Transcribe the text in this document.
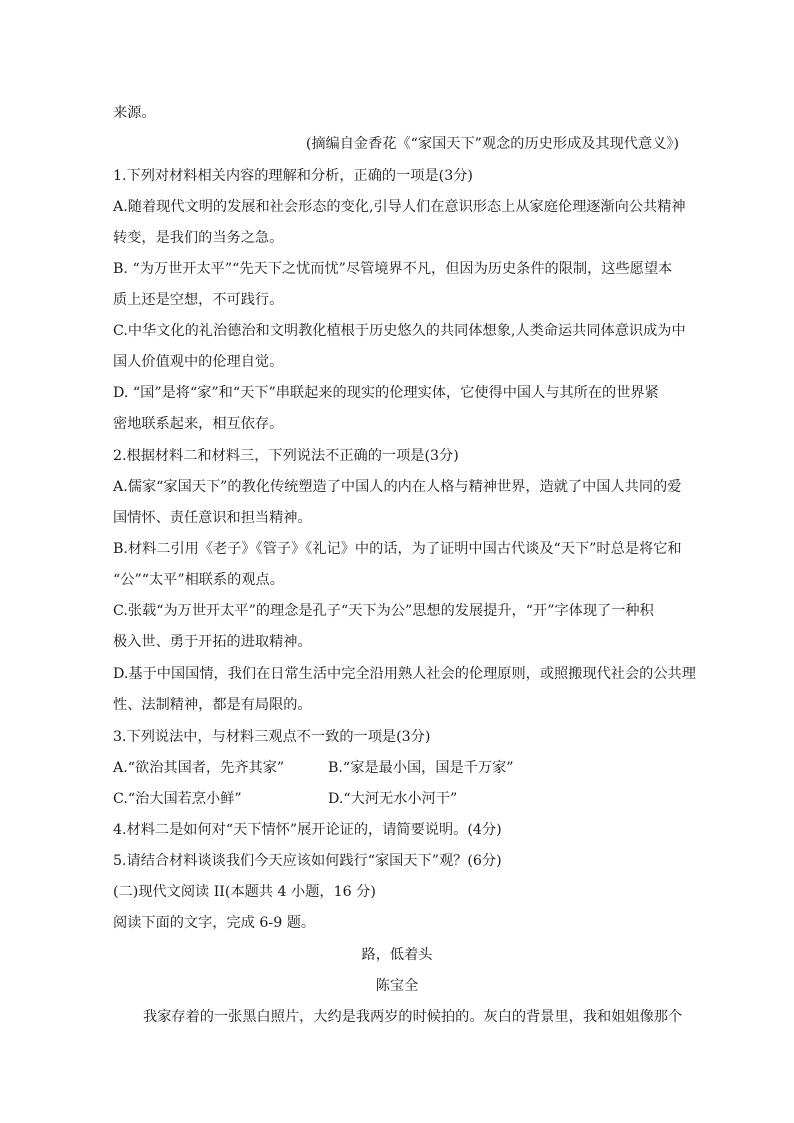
来源。
(摘编自金香花《“家国天下”观念的历史形成及其现代意义》)
1.下列对材料相关内容的理解和分析，正确的一项是(3分)
A.随着现代文明的发展和社会形态的变化,引导人们在意识形态上从家庭伦理逐渐向公共精神
转变，是我们的当务之急。
B. “为万世开太平”“先天下之忧而忧”尽管境界不凡，但因为历史条件的限制，这些愿望本
质上还是空想，不可践行。
C.中华文化的礼治德治和文明教化植根于历史悠久的共同体想象,人类命运共同体意识成为中
国人价值观中的伦理自觉。
D. “国”是将“家”和“天下”串联起来的现实的伦理实体，它使得中国人与其所在的世界紧
密地联系起来，相互依存。
2.根据材料二和材料三，下列说法不正确的一项是(3分)
A.儒家“家国天下”的教化传统塑造了中国人的内在人格与精神世界，造就了中国人共同的爱
国情怀、责任意识和担当精神。
B.材料二引用《老子》《管子》《礼记》中的话，为了证明中国古代谈及“天下”时总是将它和
“公”“太平”相联系的观点。
C.张载“为万世开太平”的理念是孔子“天下为公”思想的发展提升，“开”字体现了一种积
极入世、勇于开拓的进取精神。
D.基于中国国情，我们在日常生活中完全沿用熟人社会的伦理原则，或照搬现代社会的公共理
性、法制精神，都是有局限的。
3.下列说法中，与材料三观点不一致的一项是(3分)
A.“欲治其国者，先齐其家”	B.“家是最小国，国是千万家”
C.“治大国若烹小鲜”	D.“大河无水小河干”
4.材料二是如何对“天下情怀”展开论证的，请简要说明。(4分)
5.请结合材料谈谈我们今天应该如何践行“家国天下”观？(6分)
(二)现代文阅读 II(本题共 4 小题，16 分)
阅读下面的文字，完成 6-9 题。
路，低着头
陈宝全
我家存着的一张黑白照片，大约是我两岁的时候拍的。灰白的背景里，我和姐姐像那个
